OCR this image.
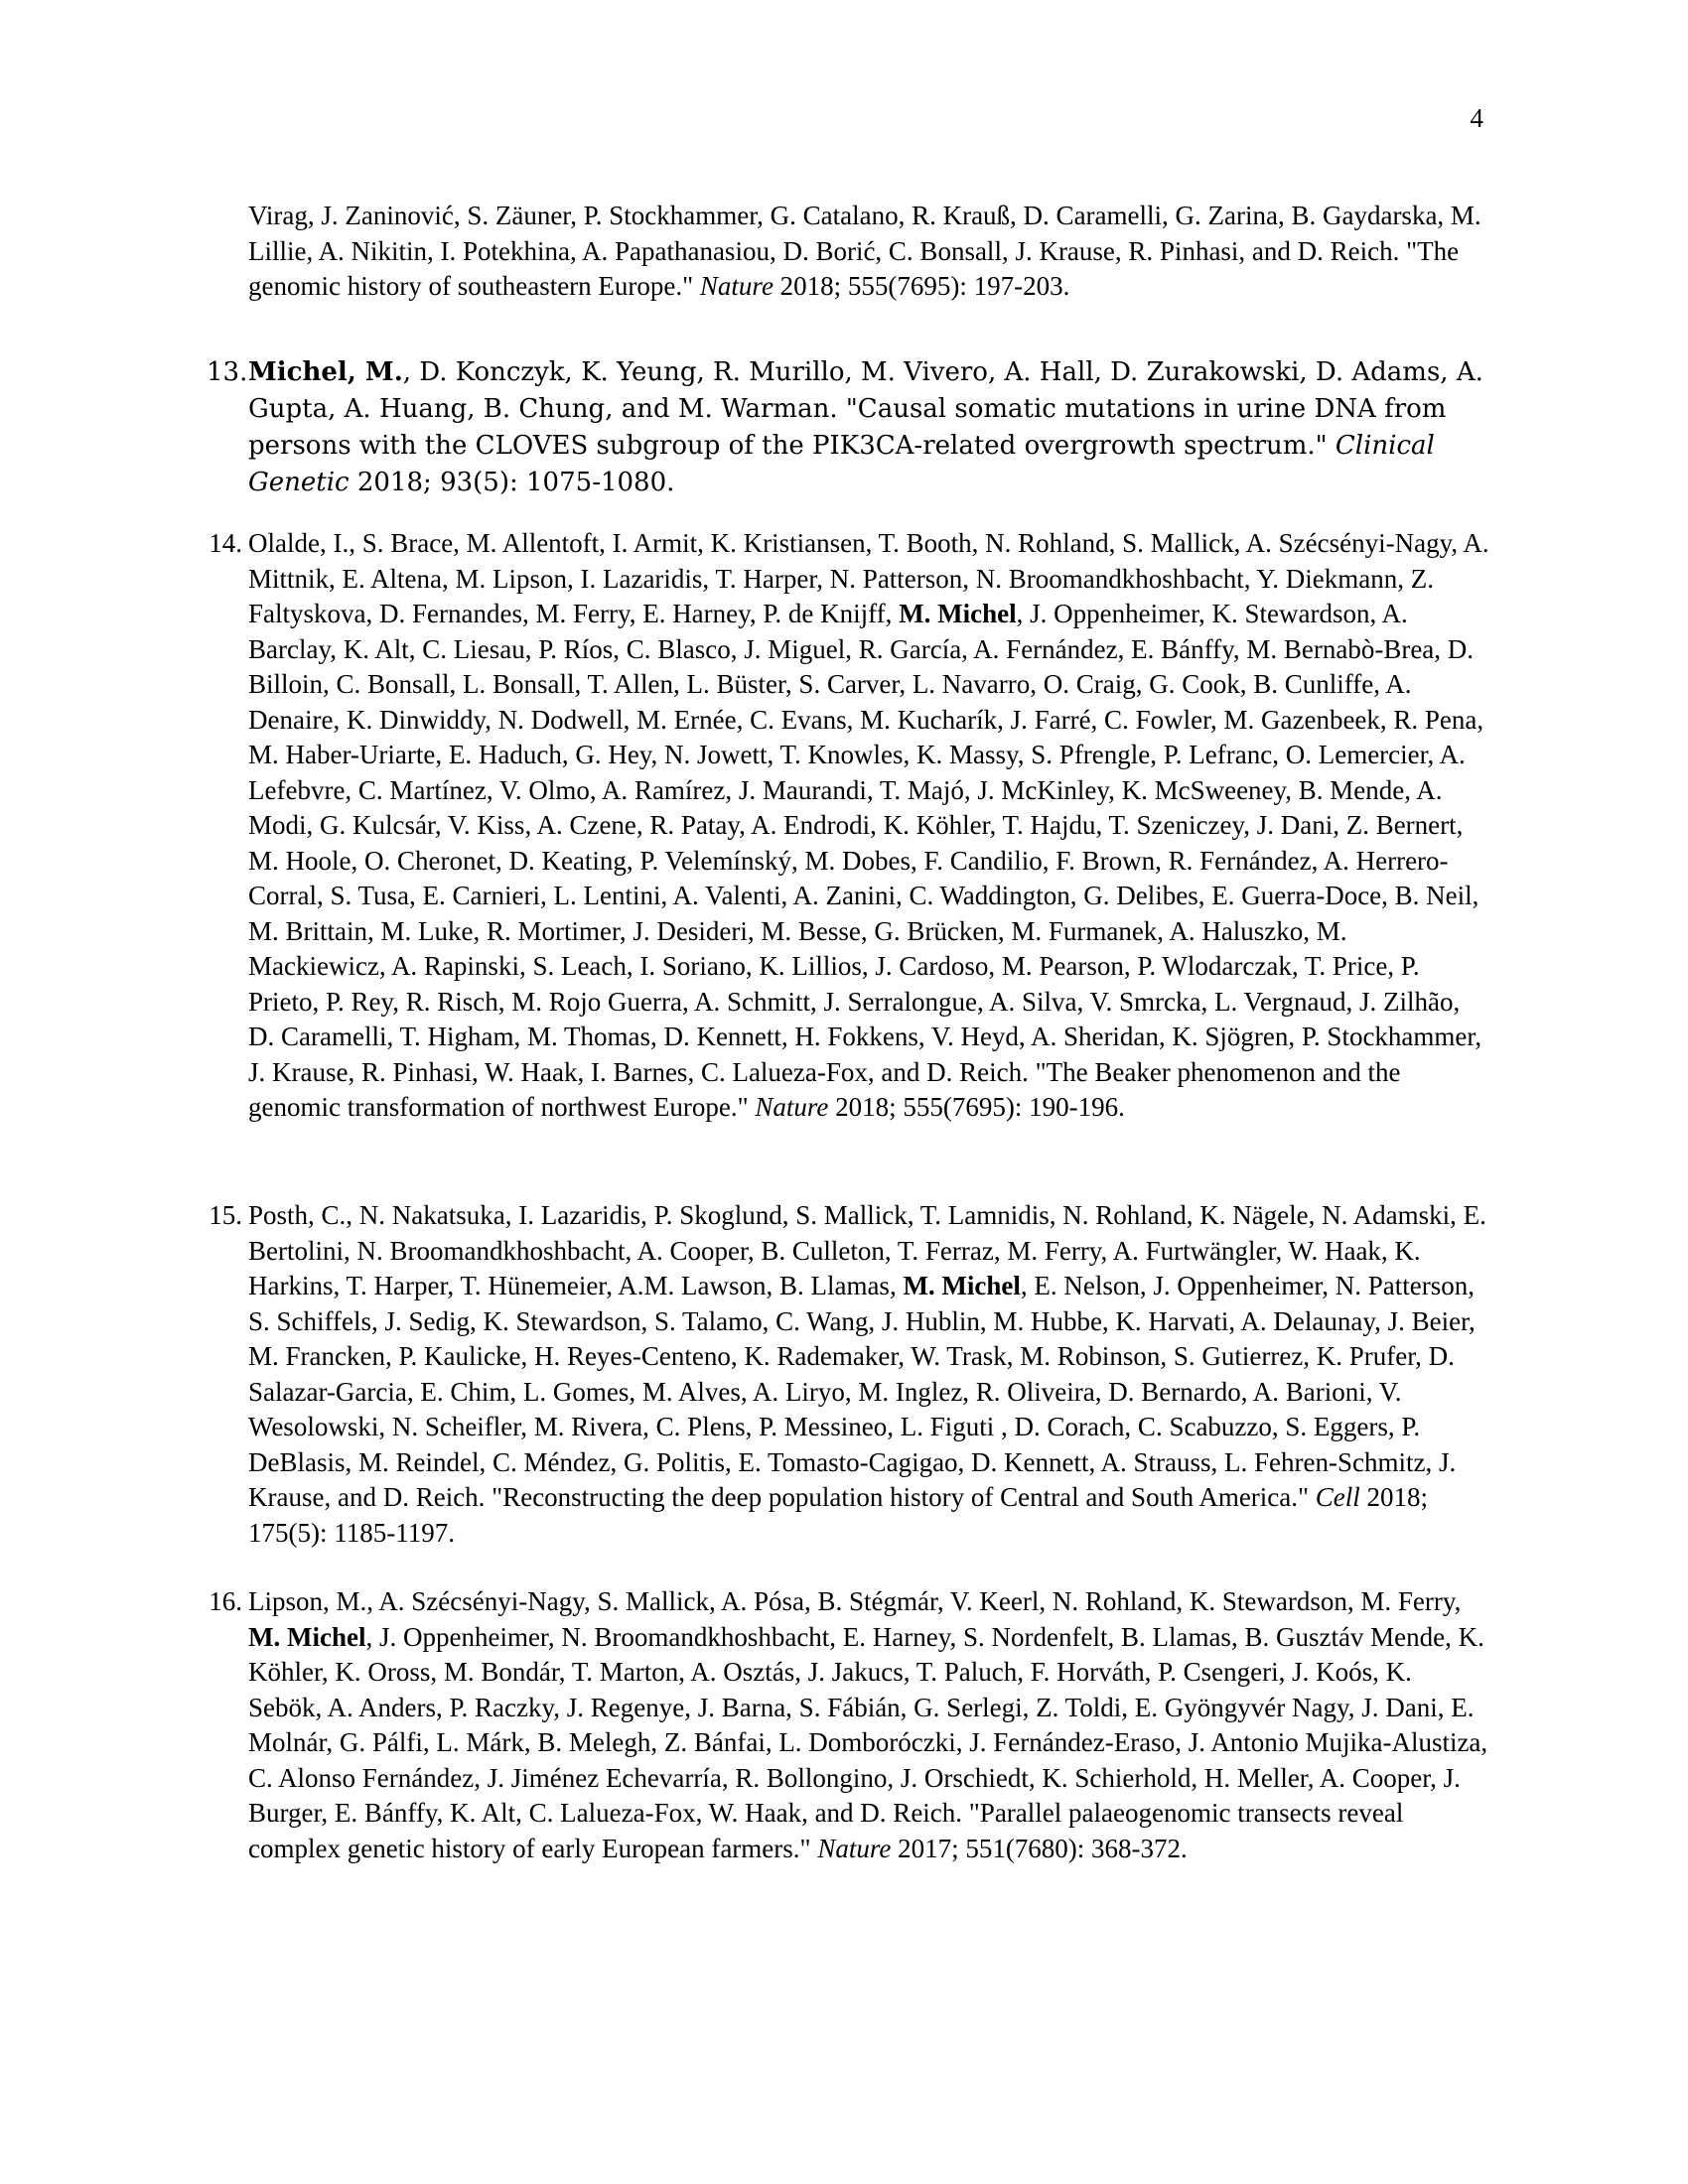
4
Virag, J. Zaninović, S. Zäuner, P. Stockhammer, G. Catalano, R. Krauß, D. Caramelli, G. Zarina, B. Gaydarska, M. Lillie, A. Nikitin, I. Potekhina, A. Papathanasiou, D. Borić, C. Bonsall, J. Krause, R. Pinhasi, and D. Reich. "The genomic history of southeastern Europe." Nature 2018; 555(7695): 197-203.
13. Michel, M., D. Konczyk, K. Yeung, R. Murillo, M. Vivero, A. Hall, D. Zurakowski, D. Adams, A. Gupta, A. Huang, B. Chung, and M. Warman. "Causal somatic mutations in urine DNA from persons with the CLOVES subgroup of the PIK3CA-related overgrowth spectrum." Clinical Genetic 2018; 93(5): 1075-1080.
14. Olalde, I., S. Brace, M. Allentoft, I. Armit, K. Kristiansen, T. Booth, N. Rohland, S. Mallick, A. Szécsényi-Nagy, A. Mittnik, E. Altena, M. Lipson, I. Lazaridis, T. Harper, N. Patterson, N. Broomandkhoshbacht, Y. Diekmann, Z. Faltyskova, D. Fernandes, M. Ferry, E. Harney, P. de Knijff, M. Michel, J. Oppenheimer, K. Stewardson, A. Barclay, K. Alt, C. Liesau, P. Ríos, C. Blasco, J. Miguel, R. García, A. Fernández, E. Bánffy, M. Bernabò-Brea, D. Billoin, C. Bonsall, L. Bonsall, T. Allen, L. Büster, S. Carver, L. Navarro, O. Craig, G. Cook, B. Cunliffe, A. Denaire, K. Dinwiddy, N. Dodwell, M. Ernée, C. Evans, M. Kucharík, J. Farré, C. Fowler, M. Gazenbeek, R. Pena, M. Haber-Uriarte, E. Haduch, G. Hey, N. Jowett, T. Knowles, K. Massy, S. Pfrengle, P. Lefranc, O. Lemercier, A. Lefebvre, C. Martínez, V. Olmo, A. Ramírez, J. Maurandi, T. Majó, J. McKinley, K. McSweeney, B. Mende, A. Modi, G. Kulcsár, V. Kiss, A. Czene, R. Patay, A. Endrodi, K. Köhler, T. Hajdu, T. Szeniczey, J. Dani, Z. Bernert, M. Hoole, O. Cheronet, D. Keating, P. Velemínský, M. Dobes, F. Candilio, F. Brown, R. Fernández, A. Herrero-Corral, S. Tusa, E. Carnieri, L. Lentini, A. Valenti, A. Zanini, C. Waddington, G. Delibes, E. Guerra-Doce, B. Neil, M. Brittain, M. Luke, R. Mortimer, J. Desideri, M. Besse, G. Brücken, M. Furmanek, A. Haluszko, M. Mackiewicz, A. Rapinski, S. Leach, I. Soriano, K. Lillios, J. Cardoso, M. Pearson, P. Wlodarczak, T. Price, P. Prieto, P. Rey, R. Risch, M. Rojo Guerra, A. Schmitt, J. Serralongue, A. Silva, V. Smrcka, L. Vergnaud, J. Zilhão, D. Caramelli, T. Higham, M. Thomas, D. Kennett, H. Fokkens, V. Heyd, A. Sheridan, K. Sjögren, P. Stockhammer, J. Krause, R. Pinhasi, W. Haak, I. Barnes, C. Lalueza-Fox, and D. Reich. "The Beaker phenomenon and the genomic transformation of northwest Europe." Nature 2018; 555(7695): 190-196.
15. Posth, C., N. Nakatsuka, I. Lazaridis, P. Skoglund, S. Mallick, T. Lamnidis, N. Rohland, K. Nägele, N. Adamski, E. Bertolini, N. Broomandkhoshbacht, A. Cooper, B. Culleton, T. Ferraz, M. Ferry, A. Furtwängler, W. Haak, K. Harkins, T. Harper, T. Hünemeier, A.M. Lawson, B. Llamas, M. Michel, E. Nelson, J. Oppenheimer, N. Patterson, S. Schiffels, J. Sedig, K. Stewardson, S. Talamo, C. Wang, J. Hublin, M. Hubbe, K. Harvati, A. Delaunay, J. Beier, M. Francken, P. Kaulicke, H. Reyes-Centeno, K. Rademaker, W. Trask, M. Robinson, S. Gutierrez, K. Prufer, D. Salazar-Garcia, E. Chim, L. Gomes, M. Alves, A. Liryo, M. Inglez, R. Oliveira, D. Bernardo, A. Barioni, V. Wesolowski, N. Scheifler, M. Rivera, C. Plens, P. Messineo, L. Figuti , D. Corach, C. Scabuzzo, S. Eggers, P. DeBlasis, M. Reindel, C. Méndez, G. Politis, E. Tomasto-Cagigao, D. Kennett, A. Strauss, L. Fehren-Schmitz, J. Krause, and D. Reich. "Reconstructing the deep population history of Central and South America." Cell 2018; 175(5): 1185-1197.
16. Lipson, M., A. Szécsényi-Nagy, S. Mallick, A. Pósa, B. Stégmár, V. Keerl, N. Rohland, K. Stewardson, M. Ferry, M. Michel, J. Oppenheimer, N. Broomandkhoshbacht, E. Harney, S. Nordenfelt, B. Llamas, B. Gusztáv Mende, K. Köhler, K. Oross, M. Bondár, T. Marton, A. Osztás, J. Jakucs, T. Paluch, F. Horváth, P. Csengeri, J. Koós, K. Sebök, A. Anders, P. Raczky, J. Regenye, J. Barna, S. Fábián, G. Serlegi, Z. Toldi, E. Gyöngyvér Nagy, J. Dani, E. Molnár, G. Pálfi, L. Márk, B. Melegh, Z. Bánfai, L. Domboróczki, J. Fernández-Eraso, J. Antonio Mujika-Alustiza, C. Alonso Fernández, J. Jiménez Echevarría, R. Bollongino, J. Orschiedt, K. Schierhold, H. Meller, A. Cooper, J. Burger, E. Bánffy, K. Alt, C. Lalueza-Fox, W. Haak, and D. Reich. "Parallel palaeogenomic transects reveal complex genetic history of early European farmers." Nature 2017; 551(7680): 368-372.
